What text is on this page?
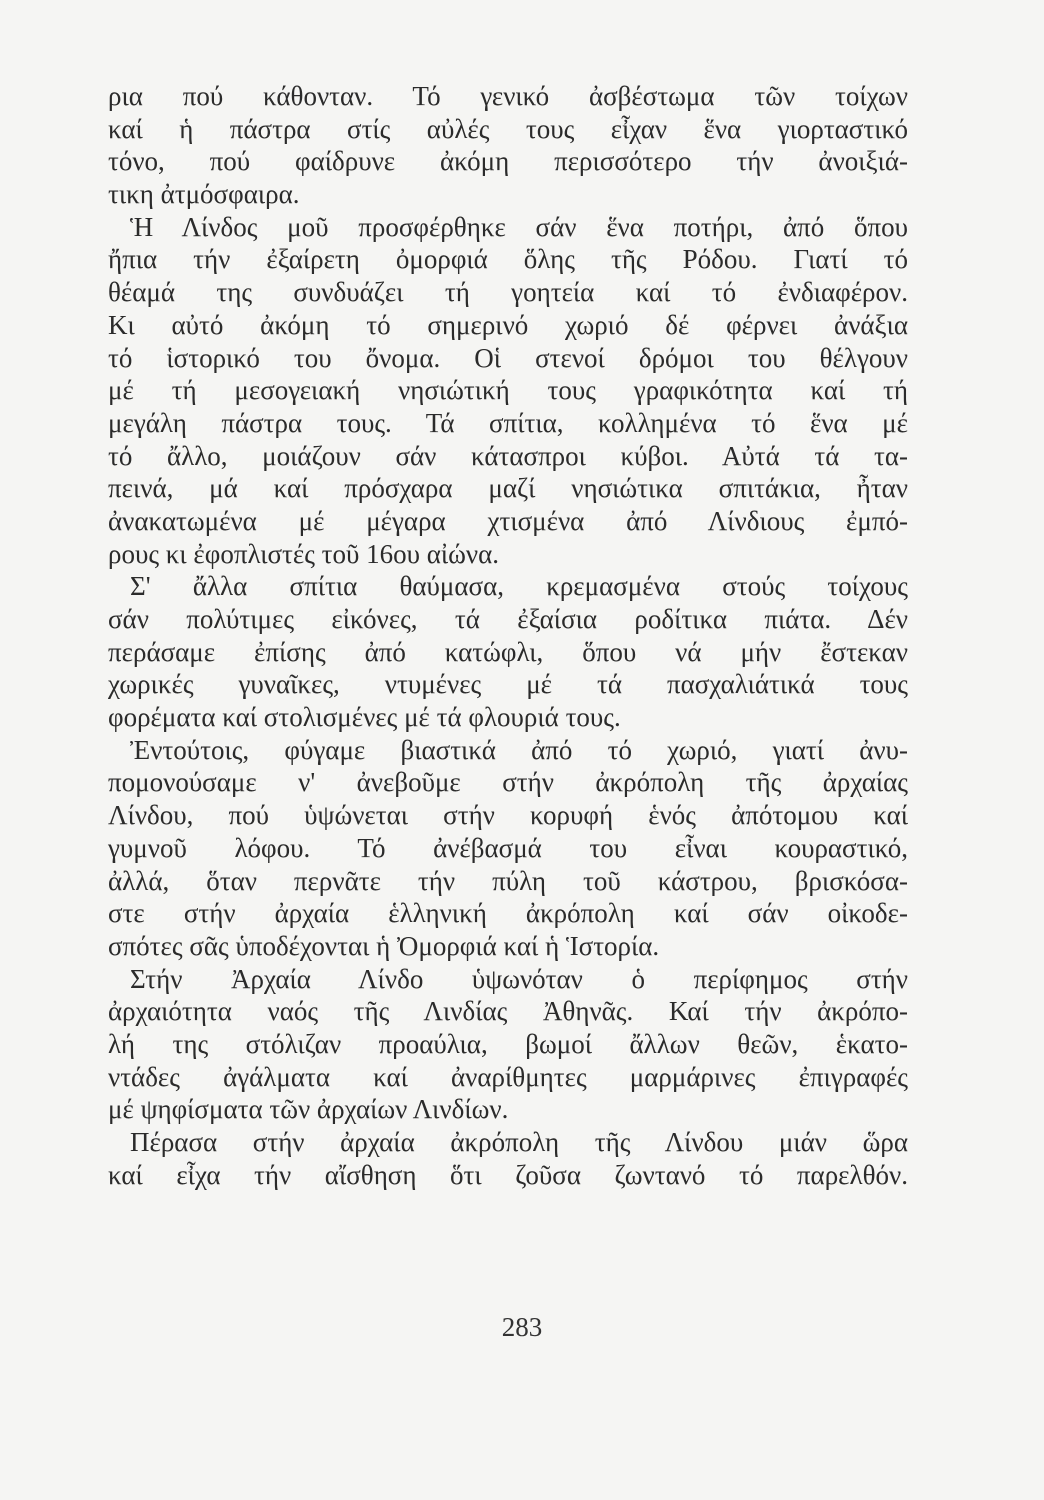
ρια πού κάθονταν. Τό γενικό ἀσβέστωμα τῶν τοίχων
καί ἡ πάστρα στίς αὐλές τους εἶχαν ἕνα γιορταστικό
τόνο, πού φαίδρυνε ἀκόμη περισσότερο τήν ἀνοιξιά-
τικη ἀτμόσφαιρα.
Ἡ Λίνδος μοῦ προσφέρθηκε σάν ἕνα ποτήρι, ἀπό ὅπου
ἤπια τήν ἐξαίρετη ὀμορφιά ὅλης τῆς Ρόδου. Γιατί τό
θέαμά της συνδυάζει τή γοητεία καί τό ἐνδιαφέρον.
Κι αὐτό ἀκόμη τό σημερινό χωριό δέ φέρνει ἀνάξια
τό ἱστορικό του ὄνομα. Οἱ στενοί δρόμοι του θέλγουν
μέ τή μεσογειακή νησιώτική τους γραφικότητα καί τή
μεγάλη πάστρα τους. Τά σπίτια, κολλημένα τό ἕνα μέ
τό ἄλλο, μοιάζουν σάν κάτασπροι κύβοι. Αὐτά τά τα-
πεινά, μά καί πρόσχαρα μαζί νησιώτικα σπιτάκια, ἦταν
ἀνακατωμένα μέ μέγαρα χτισμένα ἀπό Λίνδιους ἐμπό-
ρους κι ἐφοπλιστές τοῦ 16ου αἰώνα.
Σ' ἄλλα σπίτια θαύμασα, κρεμασμένα στούς τοίχους
σάν πολύτιμες εἰκόνες, τά ἐξαίσια ροδίτικα πιάτα. Δέν
περάσαμε ἐπίσης ἀπό κατώφλι, ὅπου νά μήν ἔστεκαν
χωρικές γυναῖκες, ντυμένες μέ τά πασχαλιάτικά τους
φορέματα καί στολισμένες μέ τά φλουριά τους.
Ἐντούτοις, φύγαμε βιαστικά ἀπό τό χωριό, γιατί ἀνυ-
πομονούσαμε ν' ἀνεβοῦμε στήν ἀκρόπολη τῆς ἀρχαίας
Λίνδου, πού ὑψώνεται στήν κορυφή ἑνός ἀπότομου καί
γυμνοῦ λόφου. Τό ἀνέβασμά του εἶναι κουραστικό,
ἀλλά, ὅταν περνᾶτε τήν πύλη τοῦ κάστρου, βρισκόσα-
στε στήν ἀρχαία ἑλληνική ἀκρόπολη καί σάν οἰκοδε-
σπότες σᾶς ὑποδέχονται ἡ Ὀμορφιά καί ἡ Ἱστορία.
Στήν Ἀρχαία Λίνδο ὑψωνόταν ὁ περίφημος στήν
ἀρχαιότητα ναός τῆς Λινδίας Ἀθηνᾶς. Καί τήν ἀκρόπο-
λή της στόλιζαν προαύλια, βωμοί ἄλλων θεῶν, ἑκατο-
ντάδες ἀγάλματα καί ἀναρίθμητες μαρμάρινες ἐπιγραφές
μέ ψηφίσματα τῶν ἀρχαίων Λινδίων.
Πέρασα στήν ἀρχαία ἀκρόπολη τῆς Λίνδου μιάν ὥρα
καί εἶχα τήν αἴσθηση ὅτι ζοῦσα ζωντανό τό παρελθόν.
283
